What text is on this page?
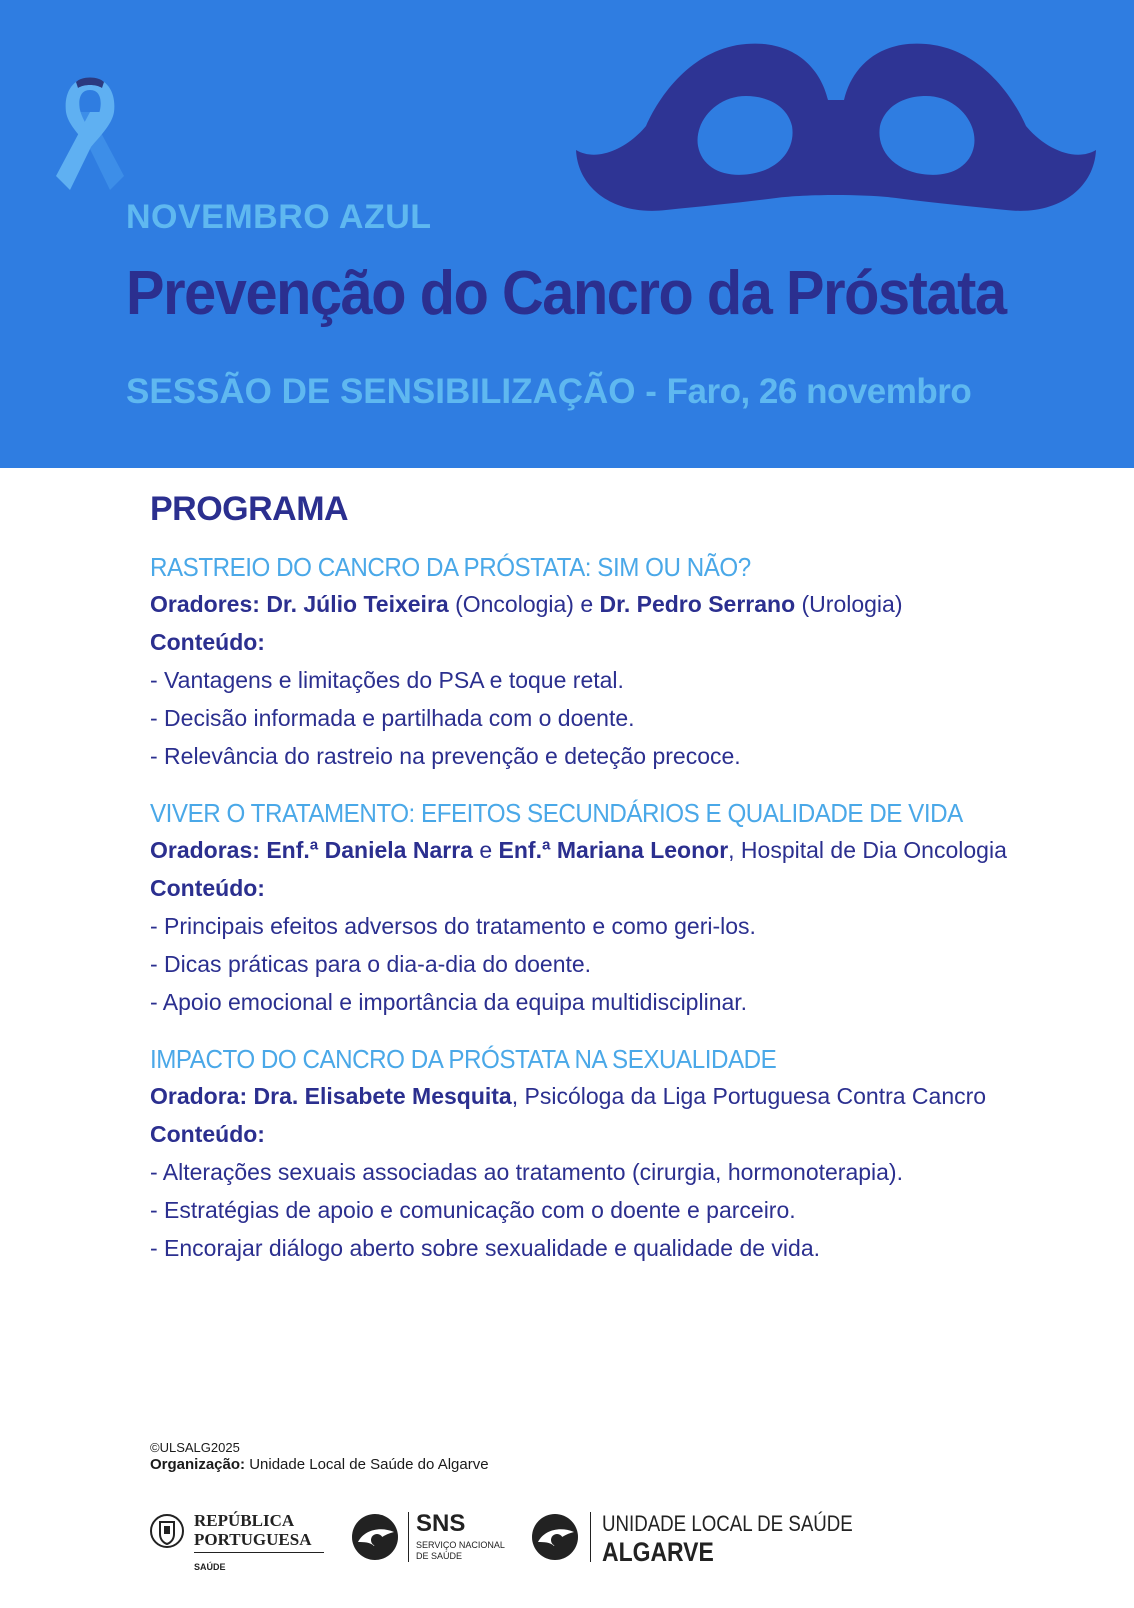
NOVEMBRO AZUL
Prevenção do Cancro da Próstata
SESSÃO DE SENSIBILIZAÇÃO - Faro, 26 novembro
PROGRAMA
RASTREIO DO CANCRO DA PRÓSTATA: SIM OU NÃO?
Oradores: Dr. Júlio Teixeira (Oncologia) e Dr. Pedro Serrano (Urologia)
Conteúdo:
- Vantagens e limitações do PSA e toque retal.
- Decisão informada e partilhada com o doente.
- Relevância do rastreio na prevenção e deteção precoce.
VIVER O TRATAMENTO: EFEITOS SECUNDÁRIOS E QUALIDADE DE VIDA
Oradoras: Enf.ª Daniela Narra e Enf.ª Mariana Leonor, Hospital de Dia Oncologia
Conteúdo:
- Principais efeitos adversos do tratamento e como geri-los.
- Dicas práticas para o dia-a-dia do doente.
- Apoio emocional e importância da equipa multidisciplinar.
IMPACTO DO CANCRO DA PRÓSTATA NA SEXUALIDADE
Oradora: Dra. Elisabete Mesquita, Psicóloga da Liga Portuguesa Contra Cancro
Conteúdo:
- Alterações sexuais associadas ao tratamento (cirurgia, hormonoterapia).
- Estratégias de apoio e comunicação com o doente e parceiro.
- Encorajar diálogo aberto sobre sexualidade e qualidade de vida.
©ULSALG2025
Organização: Unidade Local de Saúde do Algarve
REPÚBLICA
PORTUGUESA
SAÚDE
SNS
SERVIÇO NACIONAL
DE SAÚDE
UNIDADE LOCAL DE SAÚDE
ALGARVE
